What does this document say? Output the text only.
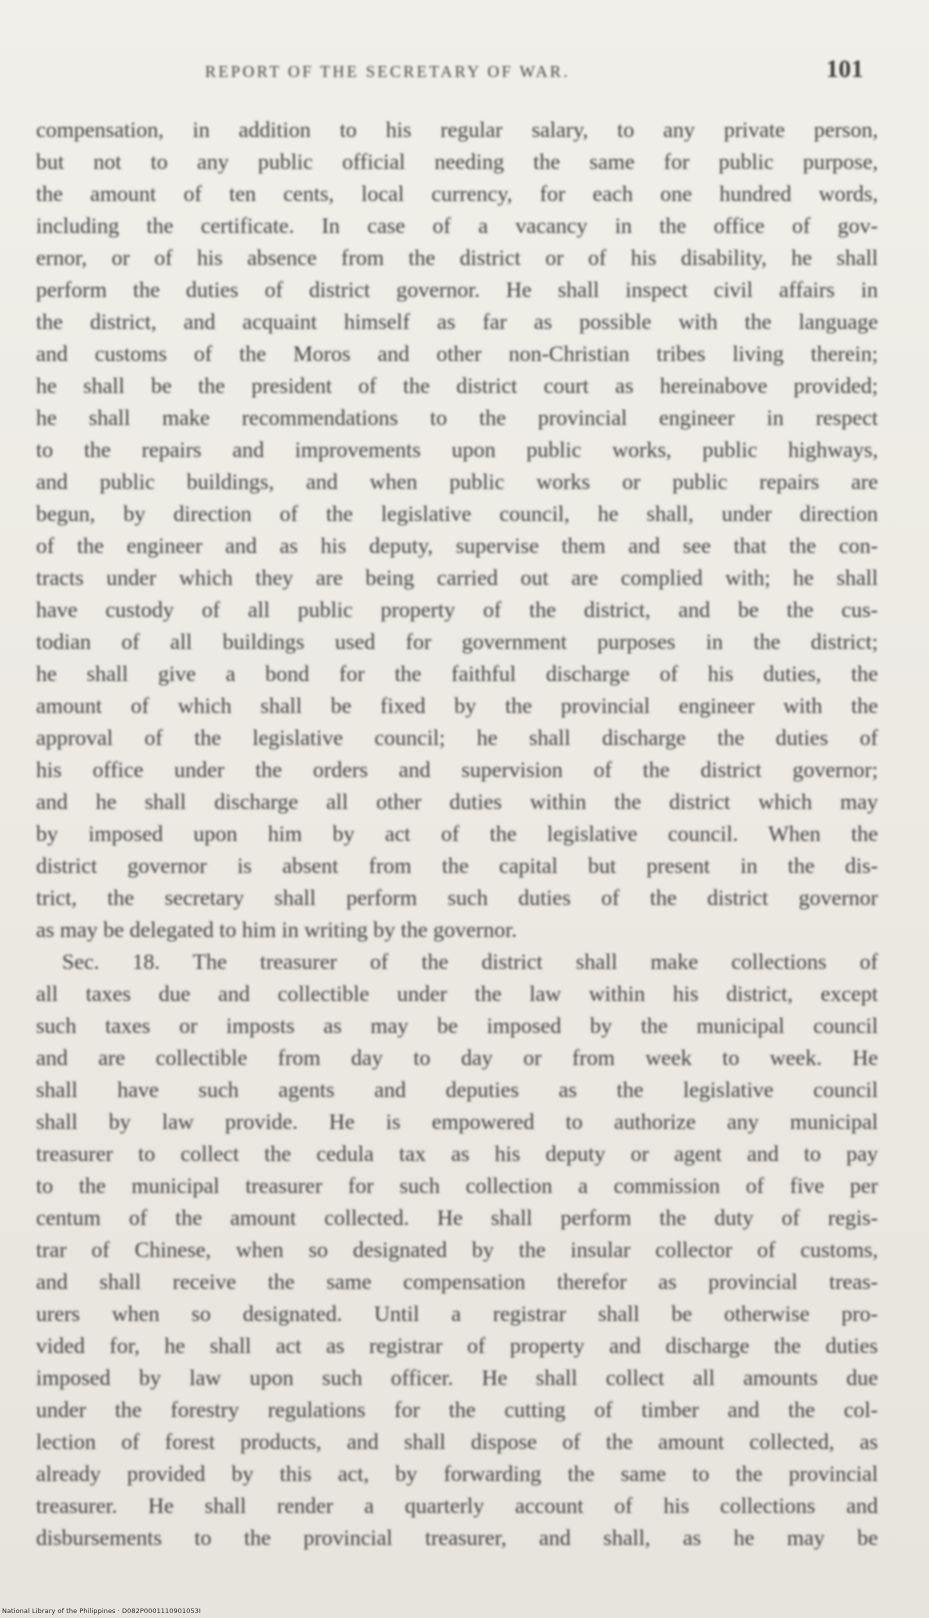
REPORT OF THE SECRETARY OF WAR.	101
compensation, in addition to his regular salary, to any private person,
but not to any public official needing the same for public purpose,
the amount of ten cents, local currency, for each one hundred words,
including the certificate. In case of a vacancy in the office of gov-
ernor, or of his absence from the district or of his disability, he shall
perform the duties of district governor. He shall inspect civil affairs in
the district, and acquaint himself as far as possible with the language
and customs of the Moros and other non-Christian tribes living therein;
he shall be the president of the district court as hereinabove provided;
he shall make recommendations to the provincial engineer in respect
to the repairs and improvements upon public works, public highways,
and public buildings, and when public works or public repairs are
begun, by direction of the legislative council, he shall, under direction
of the engineer and as his deputy, supervise them and see that the con-
tracts under which they are being carried out are complied with; he shall
have custody of all public property of the district, and be the cus-
todian of all buildings used for government purposes in the district;
he shall give a bond for the faithful discharge of his duties, the
amount of which shall be fixed by the provincial engineer with the
approval of the legislative council; he shall discharge the duties of
his office under the orders and supervision of the district governor;
and he shall discharge all other duties within the district which may
by imposed upon him by act of the legislative council. When the
district governor is absent from the capital but present in the dis-
trict, the secretary shall perform such duties of the district governor
as may be delegated to him in writing by the governor.
Sec. 18. The treasurer of the district shall make collections of
all taxes due and collectible under the law within his district, except
such taxes or imposts as may be imposed by the municipal council
and are collectible from day to day or from week to week. He
shall have such agents and deputies as the legislative council
shall by law provide. He is empowered to authorize any municipal
treasurer to collect the cedula tax as his deputy or agent and to pay
to the municipal treasurer for such collection a commission of five per
centum of the amount collected. He shall perform the duty of regis-
trar of Chinese, when so designated by the insular collector of customs,
and shall receive the same compensation therefor as provincial treas-
urers when so designated. Until a registrar shall be otherwise pro-
vided for, he shall act as registrar of property and discharge the duties
imposed by law upon such officer. He shall collect all amounts due
under the forestry regulations for the cutting of timber and the col-
lection of forest products, and shall dispose of the amount collected, as
already provided by this act, by forwarding the same to the provincial
treasurer. He shall render a quarterly account of his collections and
disbursements to the provincial treasurer, and shall, as he may be
National Library of the Philippines · D082P0001110901053I
